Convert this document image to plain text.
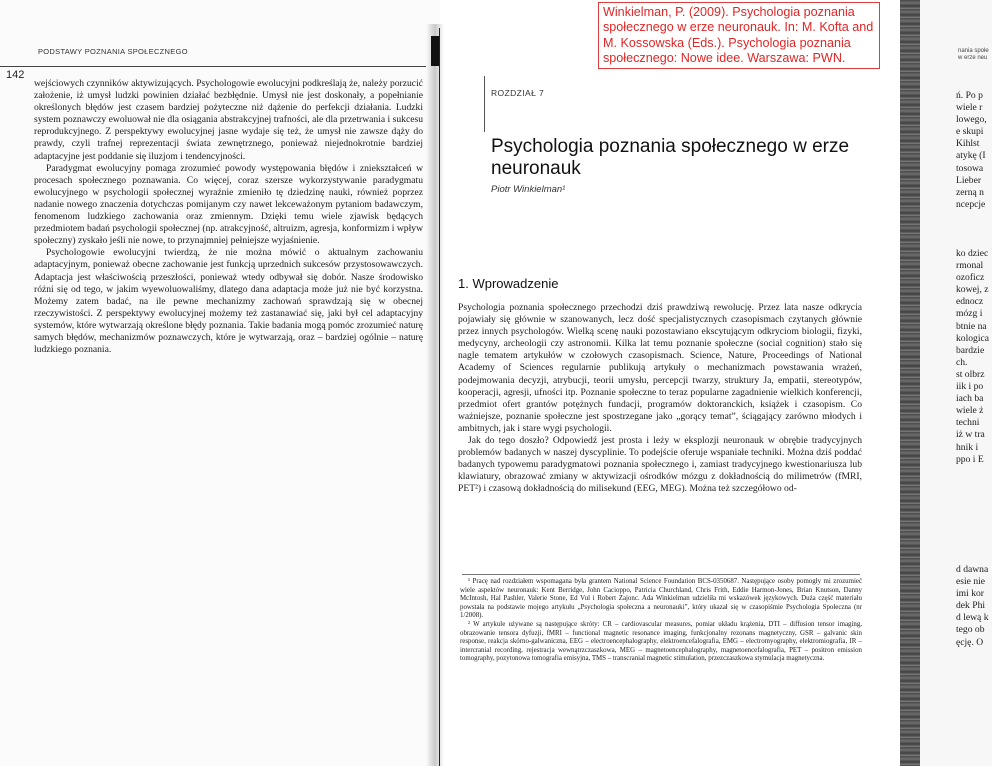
PODSTAWY POZNANIA SPOŁECZNEGO
142

wejściowych czynników aktywizujących. Psychologowie ewolucyjni podkreślają że, należy porzucić założenie, iż umysł ludzki powinien działać bezbłędnie. Umysł nie jest doskonały, a popełnianie określonych błędów jest czasem bardziej pożyteczne niż dążenie do perfekcji działania. Ludzki system poznawczy ewoluował nie dla osiągania abstrakcyjnej trafności, ale dla przetrwania i sukcesu reprodukcyjnego. Z perspektywy ewolucyjnej jasne wydaje się też, że umysł nie zawsze dąży do prawdy, czyli trafnej reprezentacji świata zewnętrznego, ponieważ niejednokrotnie bardziej adaptacyjne jest poddanie się iluzjom i tendencyjności.

Paradygmat ewolucyjny pomaga zrozumieć powody występowania błędów i zniekształceń w procesach społecznego poznawania. Co więcej, coraz szersze wykorzystywanie paradygmatu ewolucyjnego w psychologii społecznej wyraźnie zmieniło tę dziedzinę nauki, również poprzez nadanie nowego znaczenia dotychczas pomijanym czy nawet lekceważonym pytaniom badawczym, fenomenom ludzkiego zachowania oraz zmiennym. Dzięki temu wiele zjawisk będących przedmiotem badań psychologii społecznej (np. atrakcyjność, altruizm, agresja, konformizm i wpływ społeczny) zyskało jeśli nie nowe, to przynajmniej pełniejsze wyjaśnienie.

Psychologowie ewolucyjni twierdzą, że nie można mówić o aktualnym zachowaniu adaptacyjnym, ponieważ obecne zachowanie jest funkcją uprzednich sukcesów przystosowawczych. Adaptacja jest właściwością przeszłości, ponieważ wtedy odbywał się dobór. Nasze środowisko różni się od tego, w jakim wyewoluowaliśmy, dlatego dana adaptacja może już nie być korzystna. Możemy zatem badać, na ile pewne mechanizmy zachowań sprawdzają się w obecnej rzeczywistości. Z perspektywy ewolucyjnej możemy też zastanawiać się, jaki był cel adaptacyjny systemów, które wytwarzają określone błędy poznania. Takie badania mogą pomóc zrozumieć naturę samych błędów, mechanizmów poznawczych, które je wytwarzają, oraz – bardziej ogólnie – naturę ludzkiego poznania.

Winkielman, P. (2009). Psychologia poznania społecznego w erze neuronauk. In: M. Kofta and M. Kossowska (Eds.). Psychologia poznania społecznego: Nowe idee. Warszawa: PWN.
ROZDZIAŁ 7
Psychologia poznania społecznego w erze neuronauk
Piotr Winkielman¹
1. Wprowadzenie

Psychologia poznania społecznego przechodzi dziś prawdziwą rewolucję. Przez lata nasze odkrycia pojawiały się głównie w szanowanych, lecz dość specjalistycznych czasopismach czytanych głównie przez innych psychologów. Wielką scenę nauki pozostawiano ekscytującym odkryciom biologii, fizyki, medycyny, archeologii czy astronomii. Kilka lat temu poznanie społeczne (social cognition) stało się nagle tematem artykułów w czołowych czasopismach. Science, Nature, Proceedings of National Academy of Sciences regularnie publikują artykuły o mechanizmach powstawania wrażeń, podejmowania decyzji, atrybucji, teorii umysłu, percepcji twarzy, struktury Ja, empatii, stereotypów, kooperacji, agresji, ufności itp. Poznanie społeczne to teraz popularne zagadnienie wielkich konferencji, przedmiot ofert grantów potężnych fundacji, programów doktoranckich, książek i czasopism. Co ważniejsze, poznanie społeczne jest spostrzegane jako „gorący temat”, ściągający zarówno młodych i ambitnych, jak i stare wygi psychologii.

Jak do tego doszło? Odpowiedź jest prosta i leży w eksplozji neuronauk w obrębie tradycyjnych problemów badanych w naszej dyscyplinie. To podejście oferuje wspaniałe techniki. Można dziś poddać badanych typowemu paradygmatowi poznania społecznego i, zamiast tradycyjnego kwestionariusza lub klawiatury, obrazować zmiany w aktywizacji ośrodków mózgu z dokładnością do milimetrów (fMRI, PET²) i czasową dokładnością do milisekund (EEG, MEG). Można też szczegółowo od-

¹ Pracę nad rozdziałem wspomagana była grantem National Science Foundation BCS-0350687. Następujące osoby pomogły mi zrozumieć wiele aspektów neuronauk: Kent Berridge, John Cacioppo, Patricia Churchland, Chris Frith, Eddie Harmon-Jones, Brian Knutson, Danny McIntosh, Hal Pashler, Valerie Stone, Ed Vul i Robert Zajonc. Ada Winkielman udzieliła mi wskazówek językowych. Duża część materiału powstała na podstawie mojego artykułu „Psychologia społeczna a neuronauki”, który ukazał się w czasopiśmie Psychologia Społeczna (nr 1/2008).

² W artykule używane są następujące skróty: CR – cardiovascular measures, pomiar układu krążenia, DTI – diffusion tensor imaging, obrazowanie tensora dyfuzji, fMRI – functional magnetic resonance imaging, funkcjonalny rezonans magnetyczny, GSR – galvanic skin response, reakcja skórno-galwaniczna, EEG – electroencephalography, elektroencefalografia, EMG – electromyography, elektromiografia, IR – intercranial recording, rejestracja wewnątrzczaszkowa, MEG – magnetoencephalography, magnetoencefalografia, PET – positron emission tomography, pozytonowa tomografia emisyjna, TMS – transcranial magnetic stimulation, przezczaszkowa stymulacja magnetyczna.

nania społe
w erze neu
ń. Po p
wiele r
lowego,
e skupi
Kihlst
atykę (I
tosowa
Lieber
zerną n
ncepcje
ko dziec
rmonal
ozoficz
kowej, z
ednocz
mózg i
btnie na
kologica
bardzie
ch.
st olbrz
iik i po
iach ba
wiele ż
techni
iż w tra
hnik i
ppo i E
d dawna
esie nie
imi kor
dek Phi
d lewą k
tego ob
ęcję. O
